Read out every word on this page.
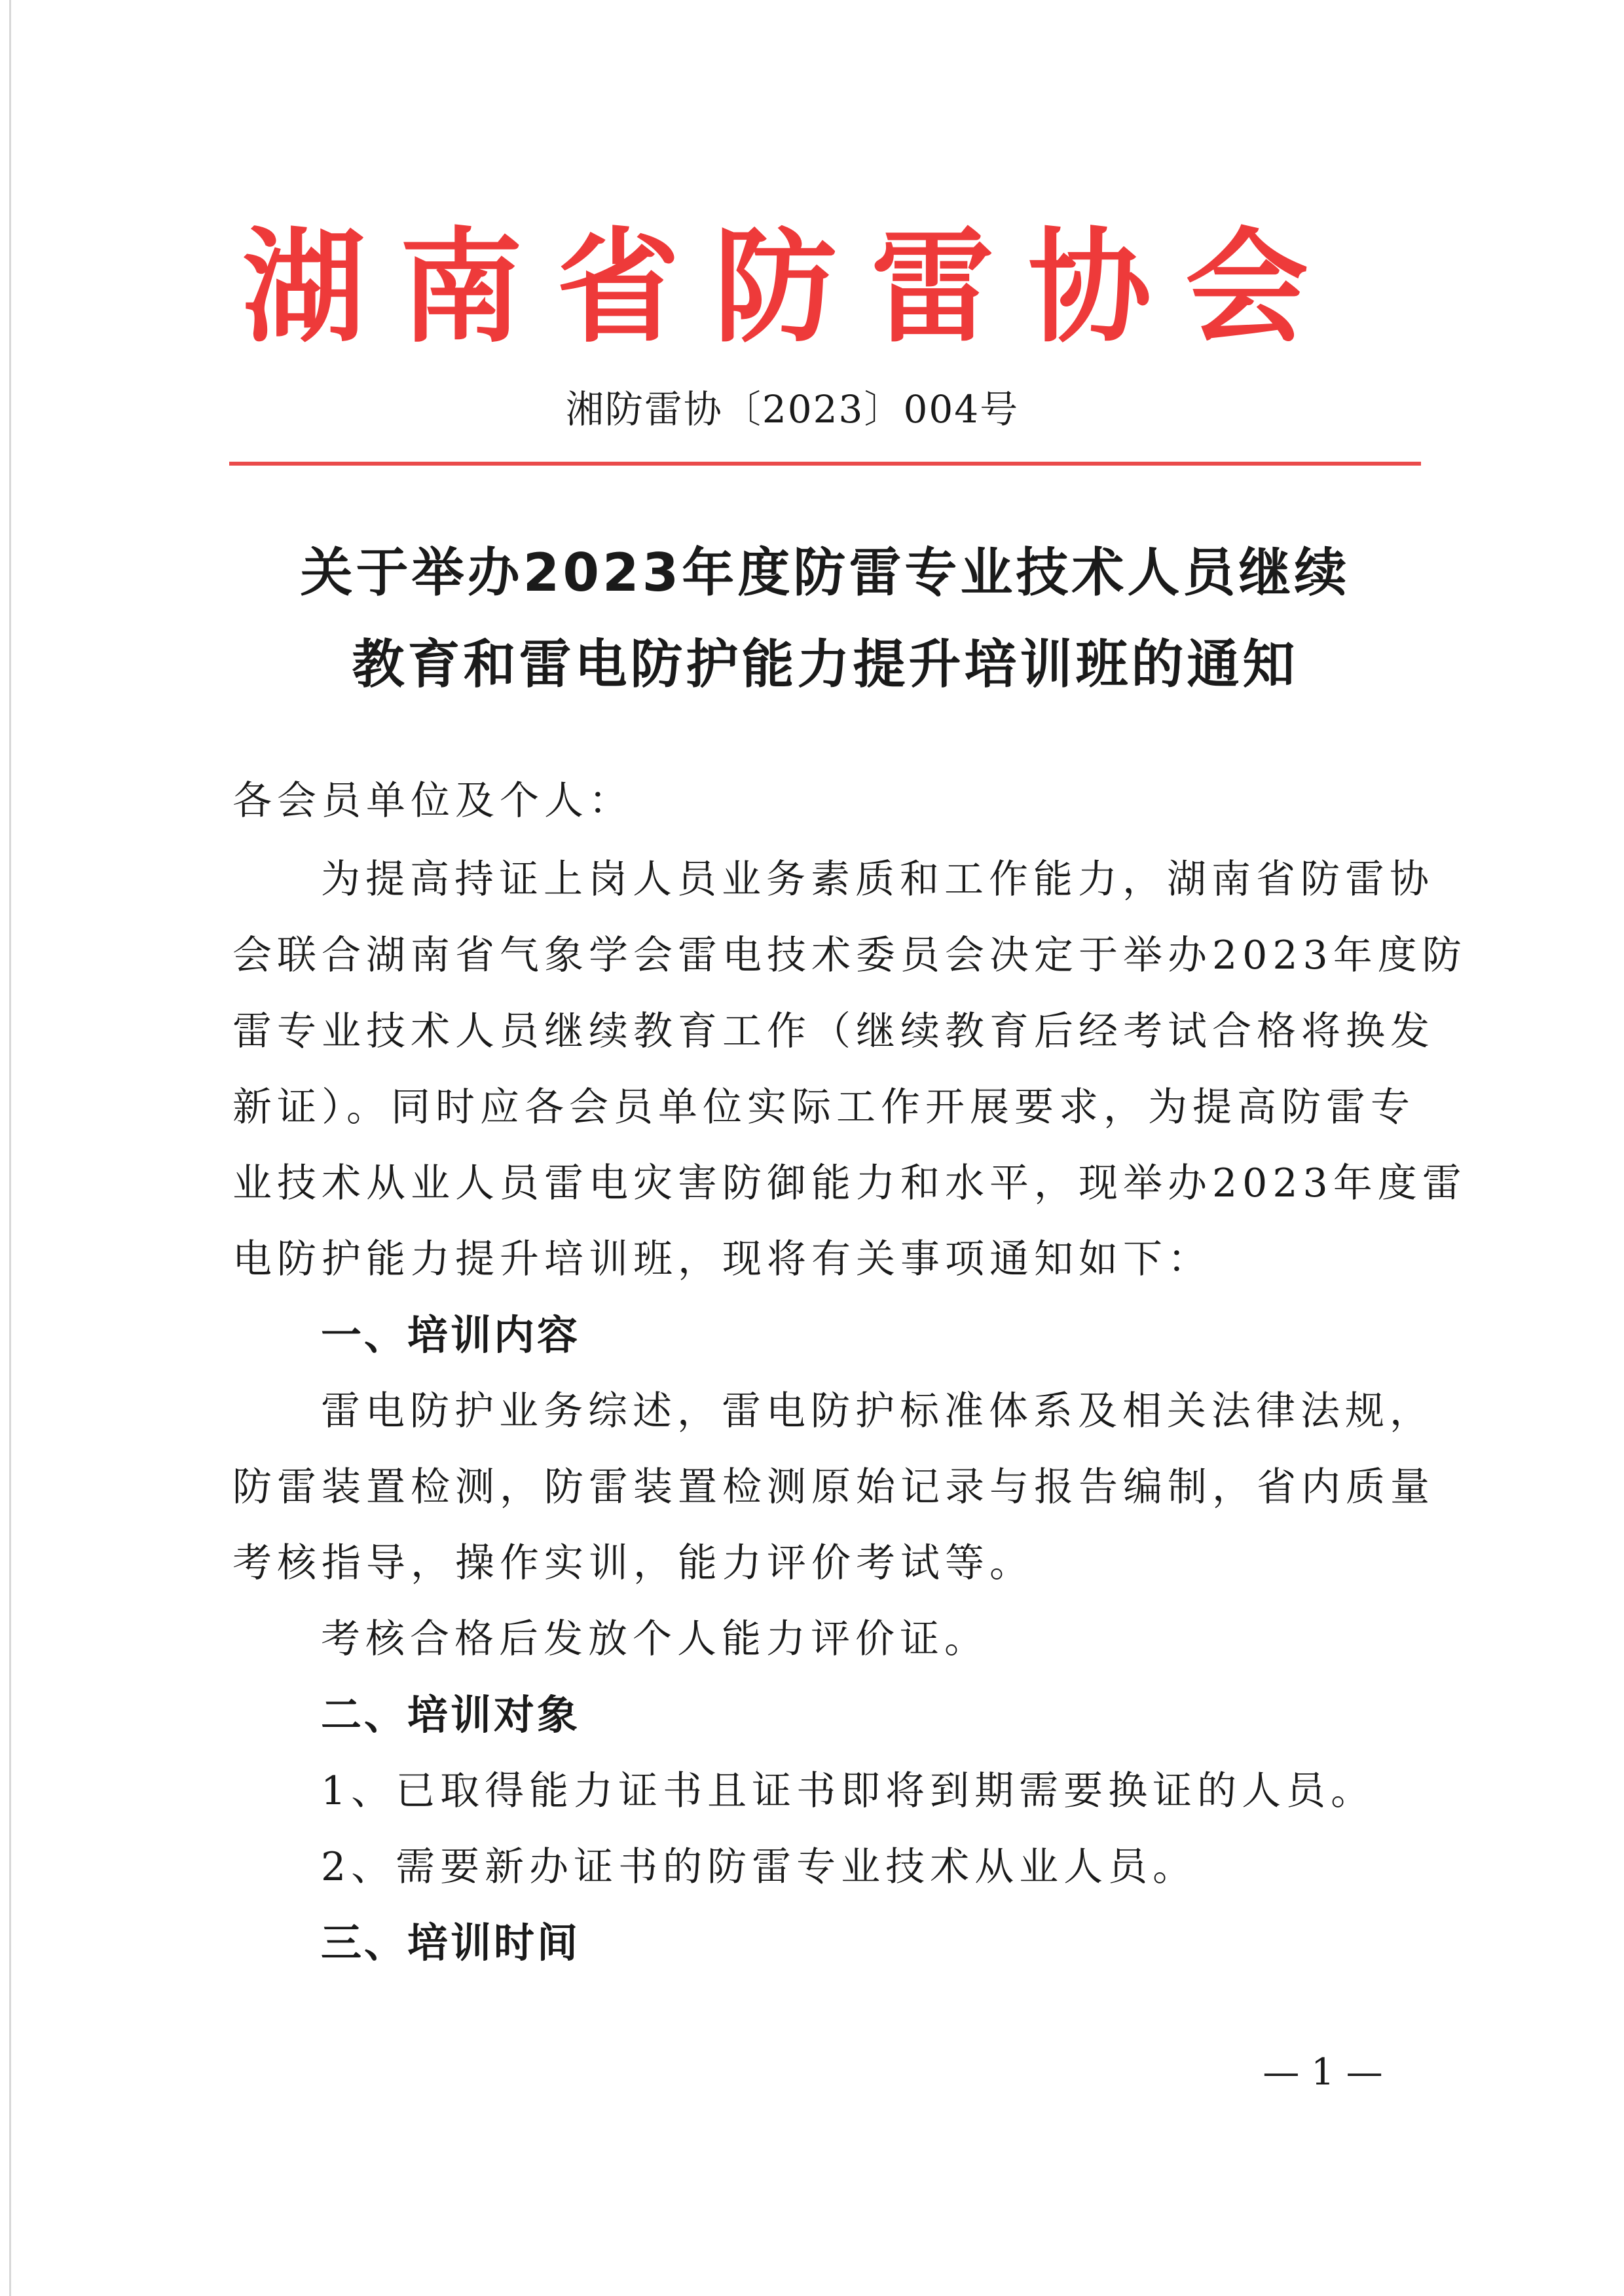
湖南省防雷协会
湘防雷协〔2023〕004号
关于举办2023年度防雷专业技术人员继续
教育和雷电防护能力提升培训班的通知
各会员单位及个人：
为提高持证上岗人员业务素质和工作能力，湖南省防雷协
会联合湖南省气象学会雷电技术委员会决定于举办2023年度防
雷专业技术人员继续教育工作（继续教育后经考试合格将换发
新证）。同时应各会员单位实际工作开展要求，为提高防雷专
业技术从业人员雷电灾害防御能力和水平，现举办2023年度雷
电防护能力提升培训班，现将有关事项通知如下：
一、培训内容
雷电防护业务综述，雷电防护标准体系及相关法律法规，
防雷装置检测，防雷装置检测原始记录与报告编制，省内质量
考核指导，操作实训，能力评价考试等。
考核合格后发放个人能力评价证。
二、培训对象
1、已取得能力证书且证书即将到期需要换证的人员。
2、需要新办证书的防雷专业技术从业人员。
三、培训时间
— 1 —
